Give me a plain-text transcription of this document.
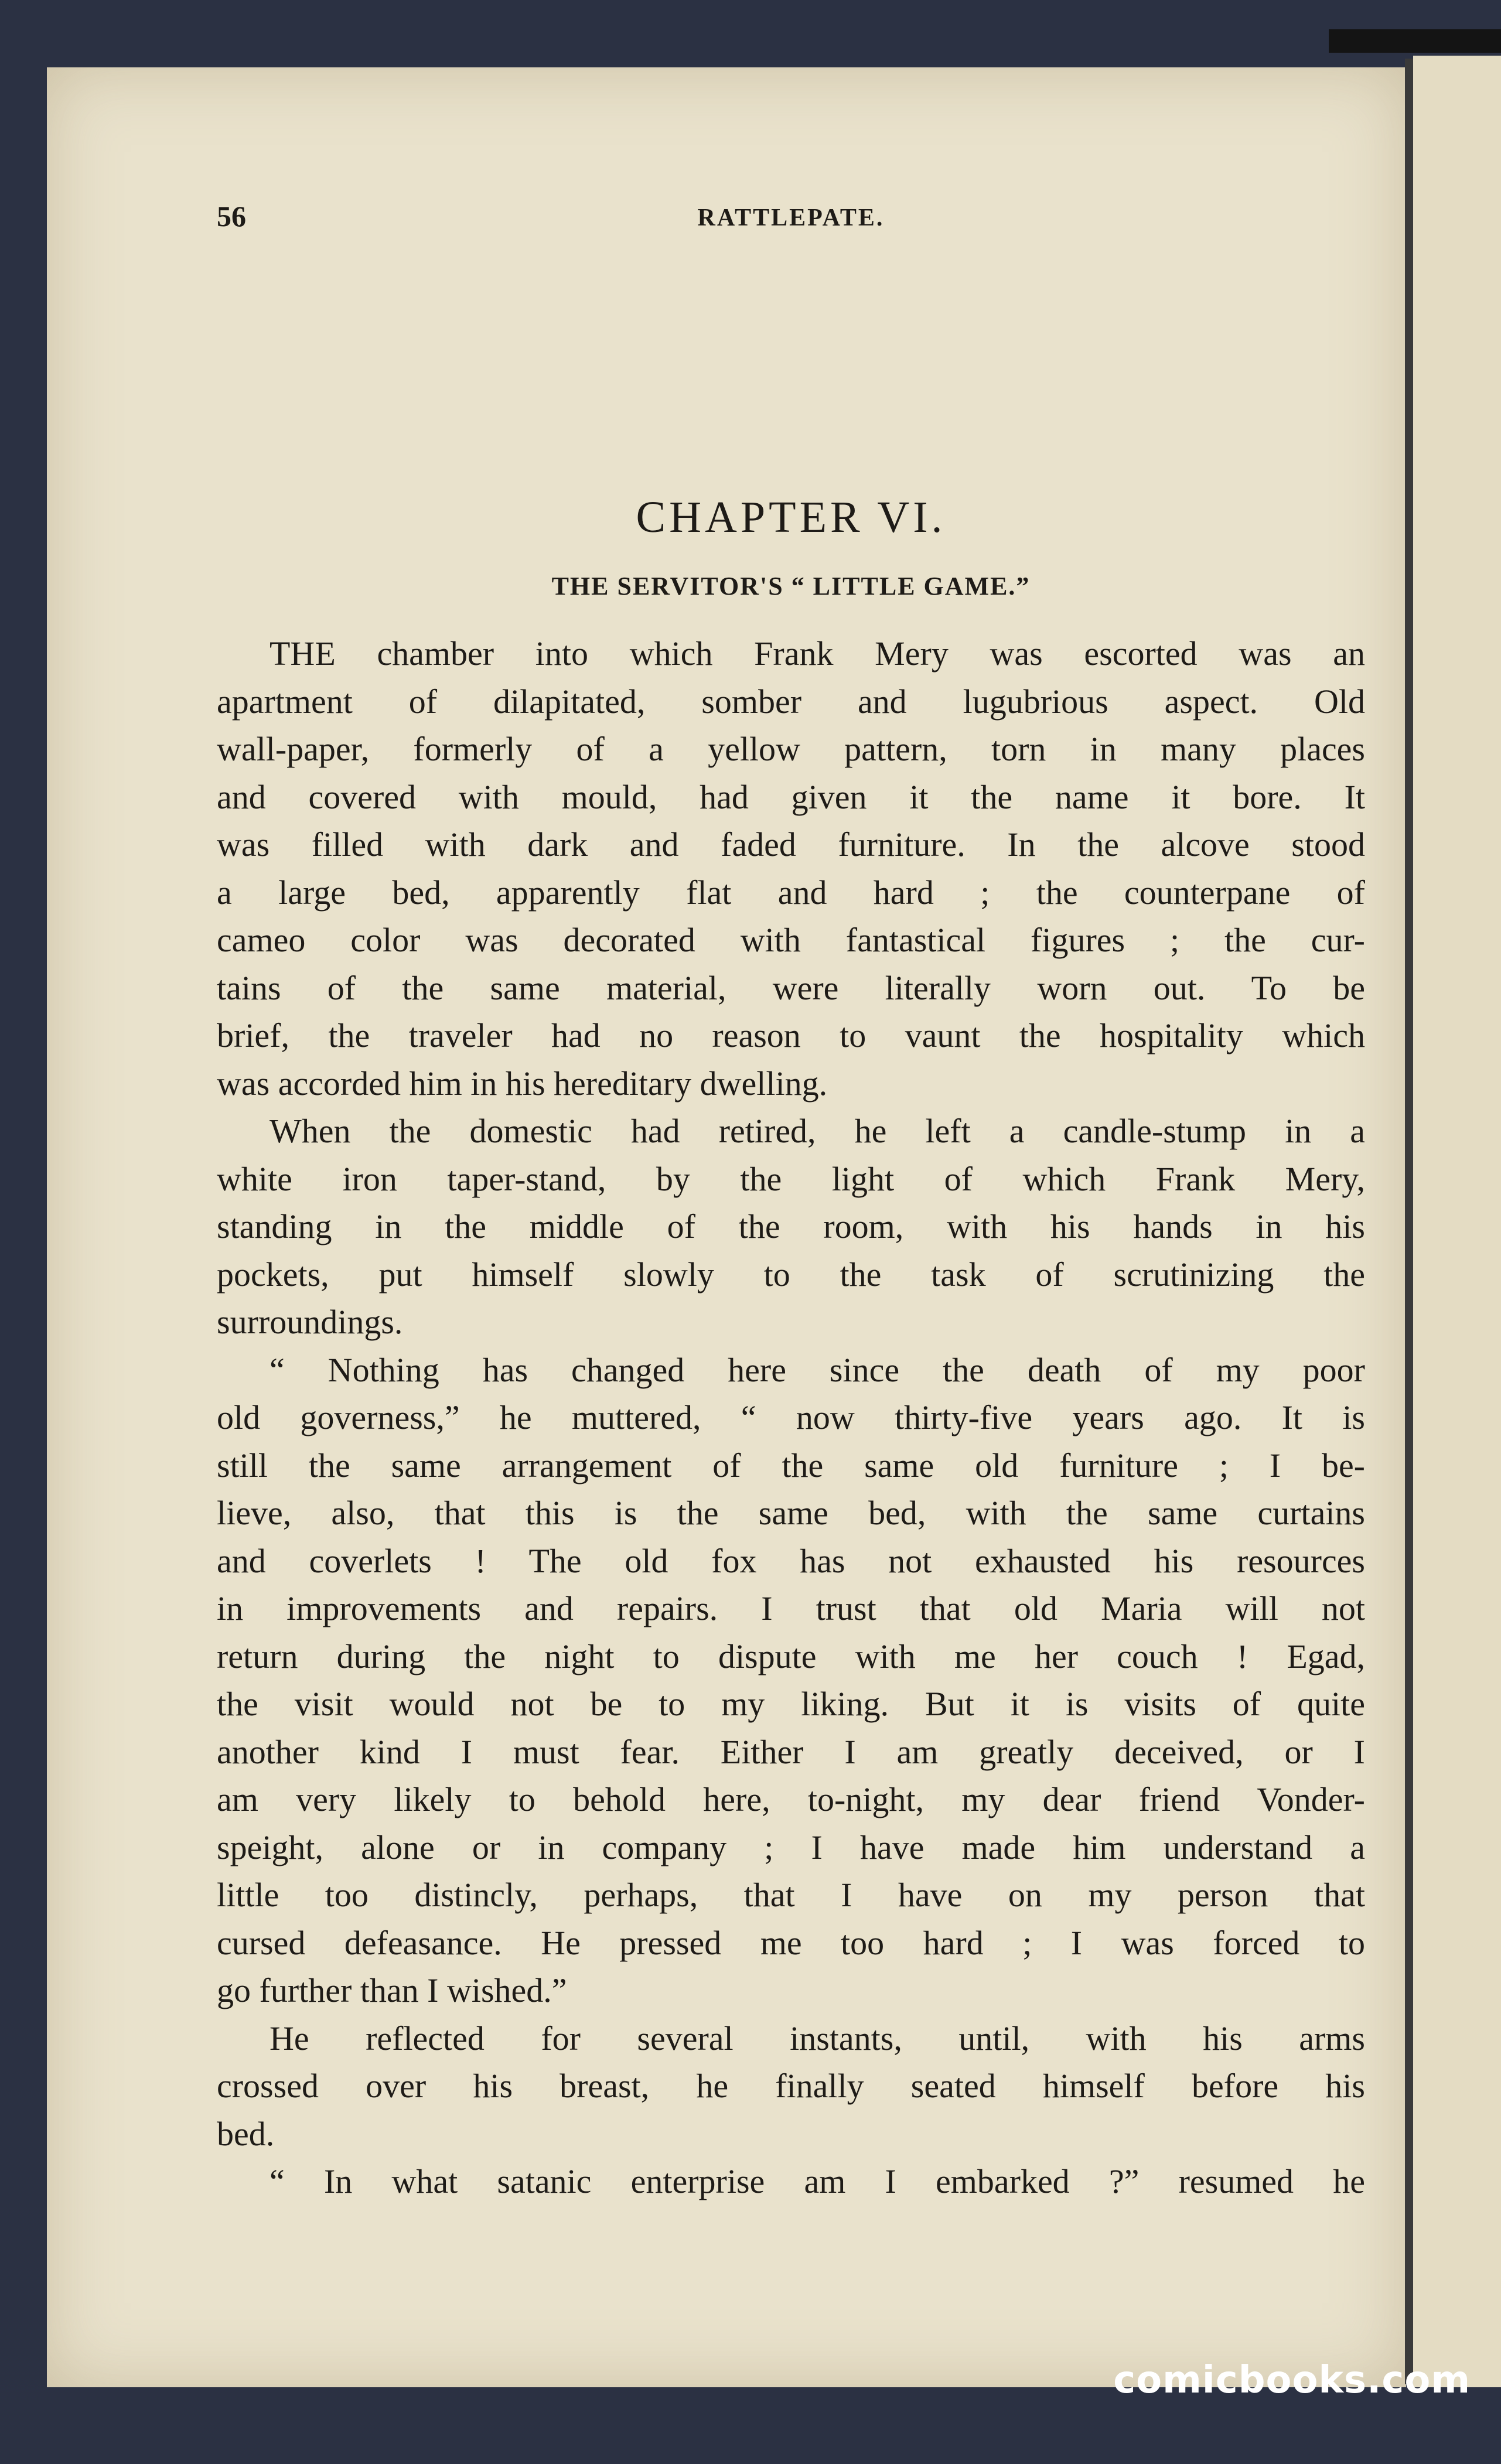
56	RATTLEPATE.
CHAPTER VI.
THE SERVITOR'S “ LITTLE GAME.”
THE chamber into which Frank Mery was escorted was an
apartment of dilapitated, somber and lugubrious aspect. Old
wall-paper, formerly of a yellow pattern, torn in many places
and covered with mould, had given it the name it bore. It
was filled with dark and faded furniture. In the alcove stood
a large bed, apparently flat and hard ; the counterpane of
cameo color was decorated with fantastical figures ; the cur-
tains of the same material, were literally worn out. To be
brief, the traveler had no reason to vaunt the hospitality which
was accorded him in his hereditary dwelling.
When the domestic had retired, he left a candle-stump in a
white iron taper-stand, by the light of which Frank Mery,
standing in the middle of the room, with his hands in his
pockets, put himself slowly to the task of scrutinizing the
surroundings.
“ Nothing has changed here since the death of my poor
old governess,” he muttered, “ now thirty-five years ago. It is
still the same arrangement of the same old furniture ; I be-
lieve, also, that this is the same bed, with the same curtains
and coverlets ! The old fox has not exhausted his resources
in improvements and repairs. I trust that old Maria will not
return during the night to dispute with me her couch ! Egad,
the visit would not be to my liking. But it is visits of quite
another kind I must fear. Either I am greatly deceived, or I
am very likely to behold here, to-night, my dear friend Vonder-
speight, alone or in company ; I have made him understand a
little too distincly, perhaps, that I have on my person that
cursed defeasance. He pressed me too hard ; I was forced to
go further than I wished.”
He reflected for several instants, until, with his arms
crossed over his breast, he finally seated himself before his
bed.
“ In what satanic enterprise am I embarked ?” resumed he
comicbooks.com
